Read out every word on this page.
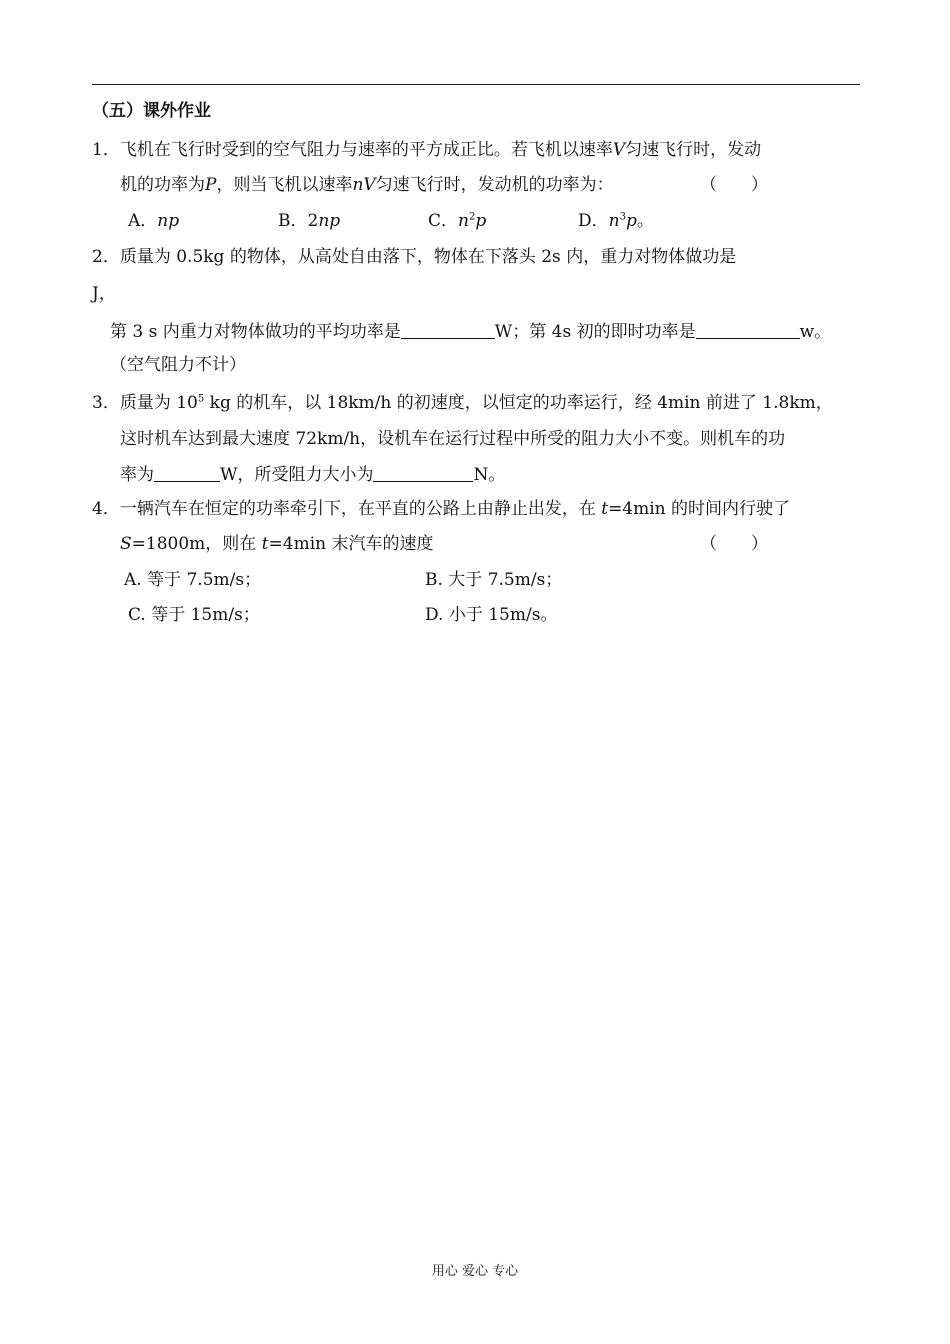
（五）课外作业
1．飞机在飞行时受到的空气阻力与速率的平方成正比。若飞机以速率V匀速飞行时，发动
机的功率为P，则当飞机以速率nV匀速飞行时，发动机的功率为：	（　　）
A．np	B．2np	C．$n^2p$	D．$n^3p$。
2．质量为 0.5kg 的物体，从高处自由落下，物体在下落头 2s 内，重力对物体做功是
J，
第 3 s 内重力对物体做功的平均功率是	W；第 4s 初的即时功率是	w。
（空气阻力不计）
3．质量为 $10^5$ kg 的机车，以 18km/h 的初速度，以恒定的功率运行，经 4min 前进了 1.8km，
这时机车达到最大速度 72km/h，设机车在运行过程中所受的阻力大小不变。则机车的功
率为	W，所受阻力大小为	N。
4．一辆汽车在恒定的功率牵引下，在平直的公路上由静止出发，在 t=4min 的时间内行驶了
S=1800m，则在 t=4min 末汽车的速度	（　　）
A. 等于 7.5m/s；	B. 大于 7.5m/s；
C. 等于 15m/s；	D. 小于 15m/s。
用心 爱心 专心
